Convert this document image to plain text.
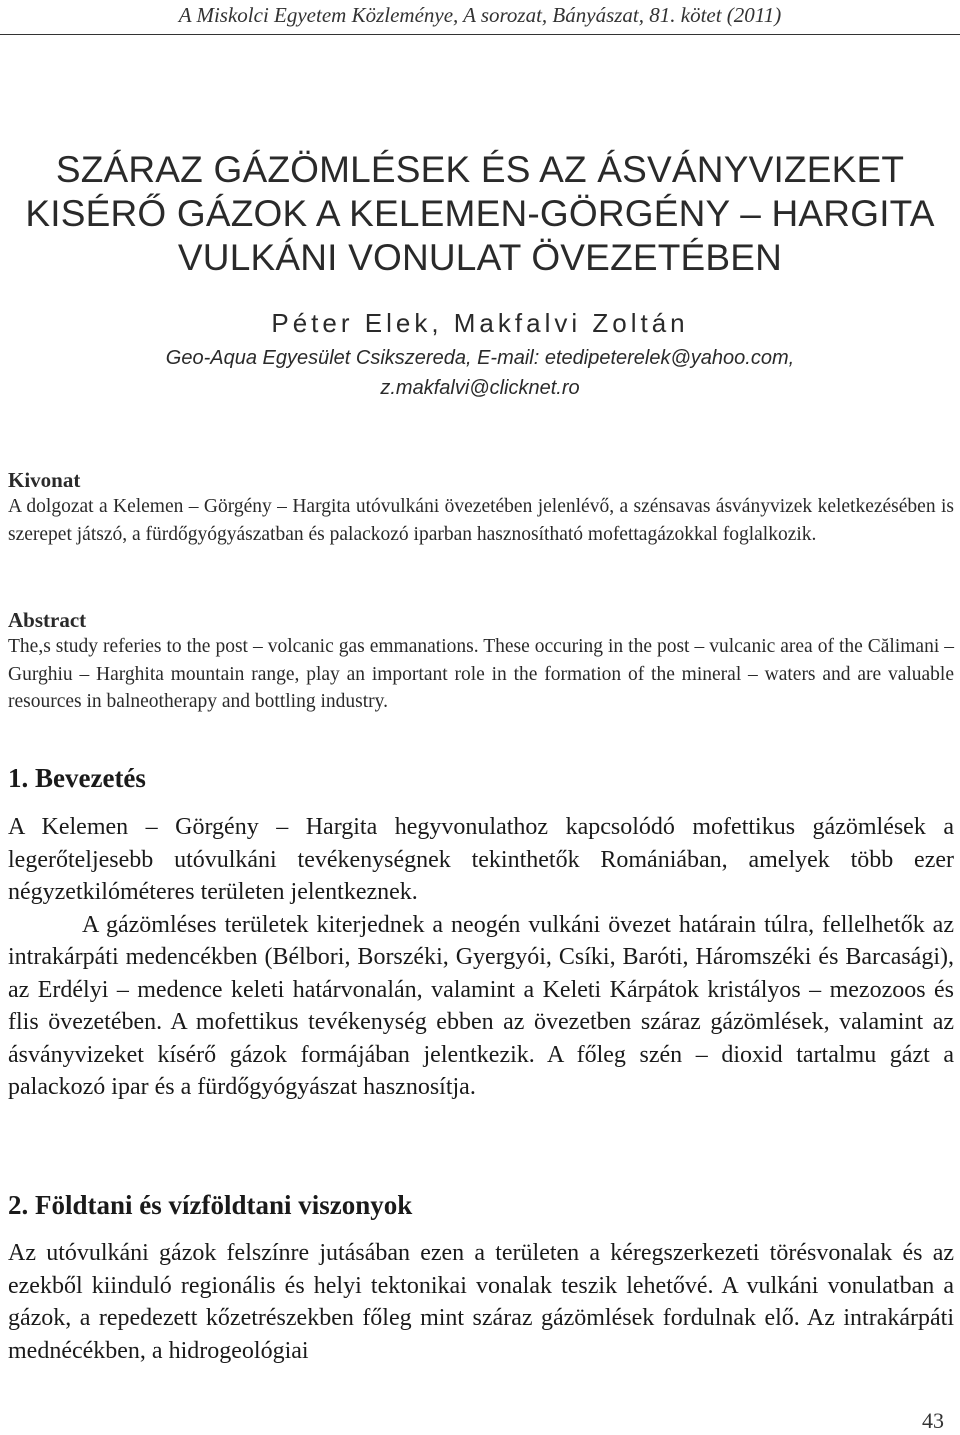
A Miskolci Egyetem Közleménye, A sorozat, Bányászat, 81. kötet (2011)
SZÁRAZ GÁZÖMLÉSEK ÉS AZ ÁSVÁNYVIZEKET
KISÉRŐ GÁZOK A KELEMEN-GÖRGÉNY – HARGITA
VULKÁNI VONULAT ÖVEZETÉBEN
Péter Elek, Makfalvi Zoltán
Geo-Aqua Egyesület Csikszereda, E-mail: etedipeterelek@yahoo.com,
z.makfalvi@clicknet.ro
Kivonat
A dolgozat a Kelemen – Görgény – Hargita utóvulkáni övezetében jelenlévő, a szénsavas ásványvizek keletkezésében is szerepet játszó, a fürdőgyógyászatban és palackozó iparban hasznosítható mofettagázokkal foglalkozik.
Abstract
The,s study referies to the post – volcanic gas emmanations. These occuring in the post – vulcanic area of the Călimani – Gurghiu – Harghita mountain range, play an important role in the formation of the mineral – waters and are valuable resources in balneotherapy and bottling industry.
1. Bevezetés

A Kelemen – Görgény – Hargita hegyvonulathoz kapcsolódó mofettikus gázömlések a legerőteljesebb utóvulkáni tevékenységnek tekinthetők Romániában, amelyek több ezer négyzetkilóméteres területen jelentkeznek.

A gázömléses területek kiterjednek a neogén vulkáni övezet határain túlra, fellelhetők az intrakárpáti medencékben (Bélbori, Borszéki, Gyergyói, Csíki, Baróti, Háromszéki és Barcasági), az Erdélyi – medence keleti határvonalán, valamint a Keleti Kárpátok kristályos – mezozoos és flis övezetében. A mofettikus tevékenység ebben az övezetben száraz gázömlések, valamint az ásványvizeket kísérő gázok formájában jelentkezik. A főleg szén – dioxid tartalmu gázt a palackozó ipar és a fürdőgyógyászat hasznosítja.

2. Földtani és vízföldtani viszonyok

Az utóvulkáni gázok felszínre jutásában ezen a területen a kéregszerkezeti törésvonalak és az ezekből kiinduló regionális és helyi tektonikai vonalak teszik lehetővé. A vulkáni vonulatban a gázok, a repedezett kőzetrészekben főleg mint száraz gázömlések fordulnak elő. Az intrakárpáti mednécékben, a hidrogeológiai

43
